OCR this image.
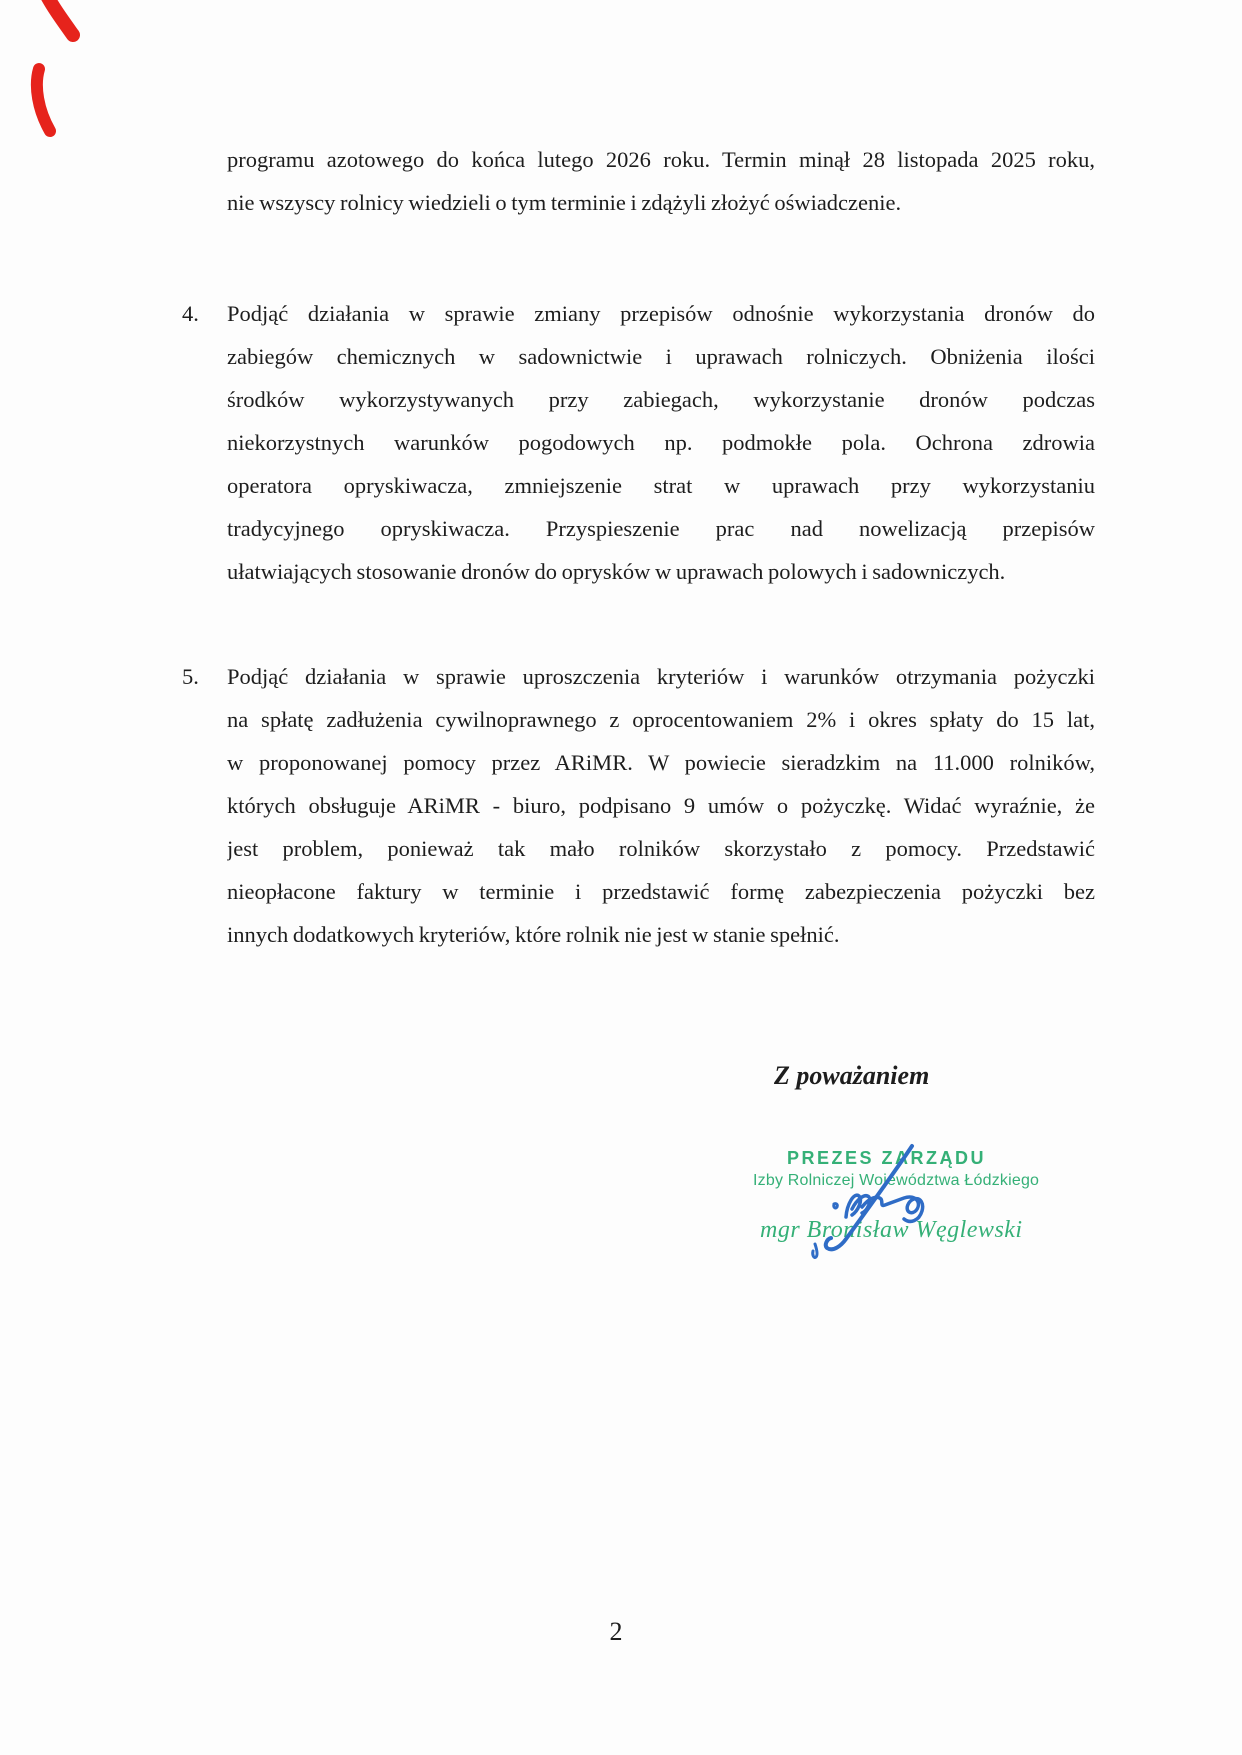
programu azotowego do końca lutego 2026 roku. Termin minął 28 listopada 2025 roku,
nie wszyscy rolnicy wiedzieli o tym terminie i zdążyli złożyć oświadczenie.
4.	Podjąć działania w sprawie zmiany przepisów odnośnie wykorzystania dronów do
zabiegów chemicznych w sadownictwie i uprawach rolniczych. Obniżenia ilości
środków wykorzystywanych przy zabiegach, wykorzystanie dronów podczas
niekorzystnych warunków pogodowych np. podmokłe pola. Ochrona zdrowia
operatora opryskiwacza, zmniejszenie strat w uprawach przy wykorzystaniu
tradycyjnego opryskiwacza. Przyspieszenie prac nad nowelizacją przepisów
ułatwiających stosowanie dronów do oprysków w uprawach polowych i sadowniczych.
5.	Podjąć działania w sprawie uproszczenia kryteriów i warunków otrzymania pożyczki
na spłatę zadłużenia cywilnoprawnego z oprocentowaniem 2% i okres spłaty do 15 lat,
w proponowanej pomocy przez ARiMR. W powiecie sieradzkim na 11.000 rolników,
których obsługuje ARiMR - biuro, podpisano 9 umów o pożyczkę. Widać wyraźnie, że
jest problem, ponieważ tak mało rolników skorzystało z pomocy. Przedstawić
nieopłacone faktury w terminie i przedstawić formę zabezpieczenia pożyczki bez
innych dodatkowych kryteriów, które rolnik nie jest w stanie spełnić.
Z poważaniem
PREZES ZARZĄDU
Izby Rolniczej Województwa Łódzkiego
mgr Bronisław Węglewski
2
